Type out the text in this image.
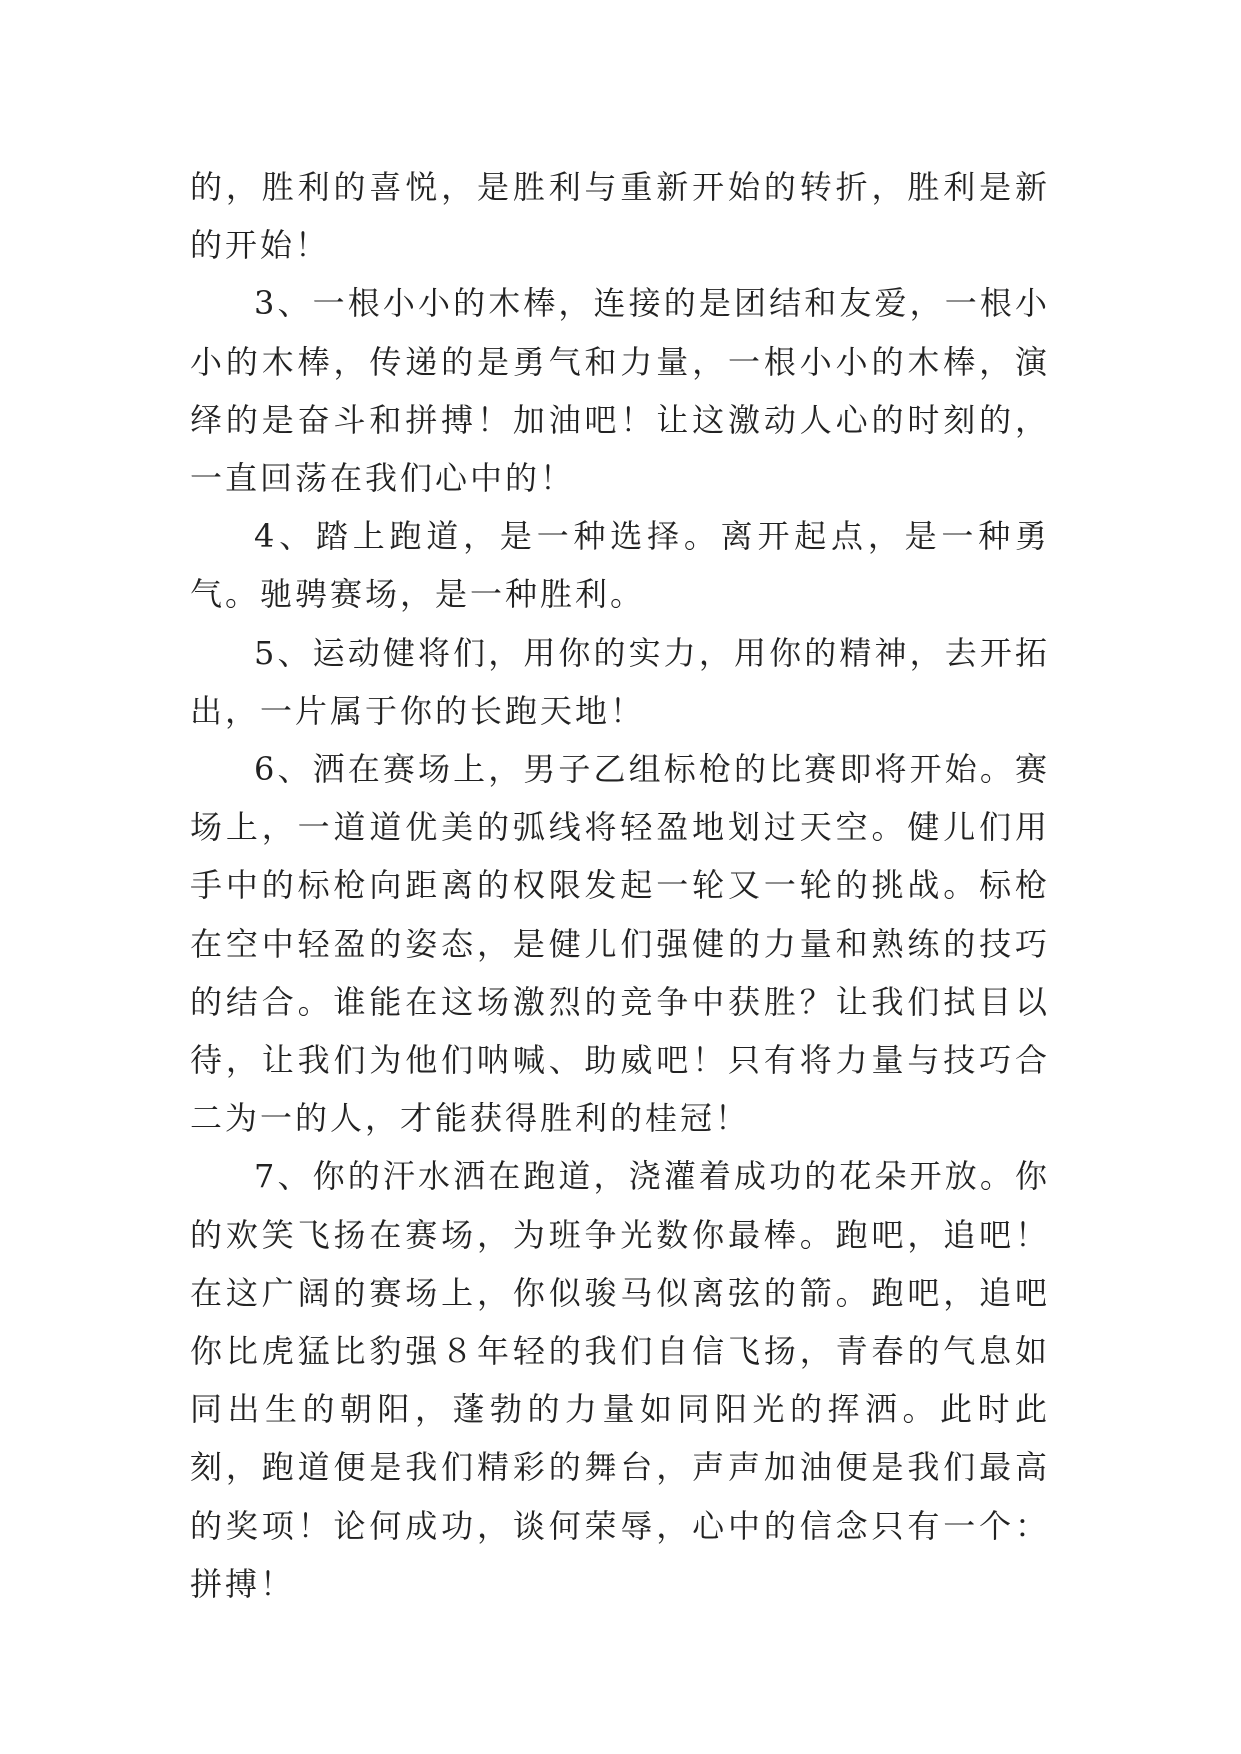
的，胜利的喜悦，是胜利与重新开始的转折，胜利是新的开始！

3、一根小小的木棒，连接的是团结和友爱，一根小小的木棒，传递的是勇气和力量，一根小小的木棒，演绎的是奋斗和拼搏！加油吧！让这激动人心的时刻的，一直回荡在我们心中的！

4、踏上跑道，是一种选择。离开起点，是一种勇气。驰骋赛场，是一种胜利。

5、运动健将们，用你的实力，用你的精神，去开拓出，一片属于你的长跑天地！

6、洒在赛场上，男子乙组标枪的比赛即将开始。赛场上，一道道优美的弧线将轻盈地划过天空。健儿们用手中的标枪向距离的权限发起一轮又一轮的挑战。标枪在空中轻盈的姿态，是健儿们强健的力量和熟练的技巧的结合。谁能在这场激烈的竞争中获胜？让我们拭目以待，让我们为他们呐喊、助威吧！只有将力量与技巧合二为一的人，才能获得胜利的桂冠！

7、你的汗水洒在跑道，浇灌着成功的花朵开放。你的欢笑飞扬在赛场，为班争光数你最棒。跑吧，追吧！在这广阔的赛场上，你似骏马似离弦的箭。跑吧，追吧你比虎猛比豹强８年轻的我们自信飞扬，青春的气息如同出生的朝阳，蓬勃的力量如同阳光的挥洒。此时此刻，跑道便是我们精彩的舞台，声声加油便是我们最高的奖项！论何成功，谈何荣辱，心中的信念只有一个：拼搏！
